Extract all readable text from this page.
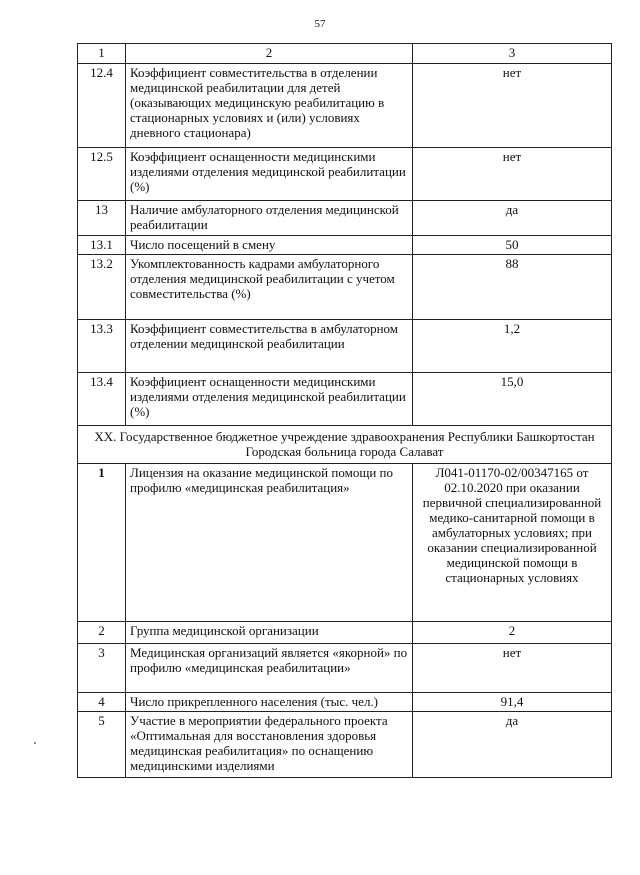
57
1	2	3
12.4	Коэффициент совместительства в отделении медицинской реабилитации для детей (оказывающих медицинскую реабилитацию в стационарных условиях и (или) условиях дневного стационара)	нет
12.5	Коэффициент оснащенности медицинскими изделиями отделения медицинской реабилитации (%)	нет
13	Наличие амбулаторного отделения медицинской реабилитации	да
13.1	Число посещений в смену	50
13.2	Укомплектованность кадрами амбулаторного отделения медицинской реабилитации с учетом совместительства (%)	88
13.3	Коэффициент совместительства в амбулаторном отделении медицинской реабилитации	1,2
13.4	Коэффициент оснащенности медицинскими изделиями отделения медицинской реабилитации (%)	15,0
XX. Государственное бюджетное учреждение здравоохранения Республики Башкортостан Городская больница города Салават		
1	Лицензия на оказание медицинской помощи по профилю «медицинская реабилитация»	Л041-01170-02/00347165 от 02.10.2020 при оказании первичной специализированной медико-санитарной помощи в амбулаторных условиях; при оказании специализированной медицинской помощи в стационарных условиях
2	Группа медицинской организации	2
3	Медицинская организаций является «якорной» по профилю «медицинская реабилитации»	нет
4	Число прикрепленного населения (тыс. чел.)	91,4
5	Участие в мероприятии федерального проекта «Оптимальная для восстановления здоровья медицинская реабилитация» по оснащению медицинскими изделиями	да
